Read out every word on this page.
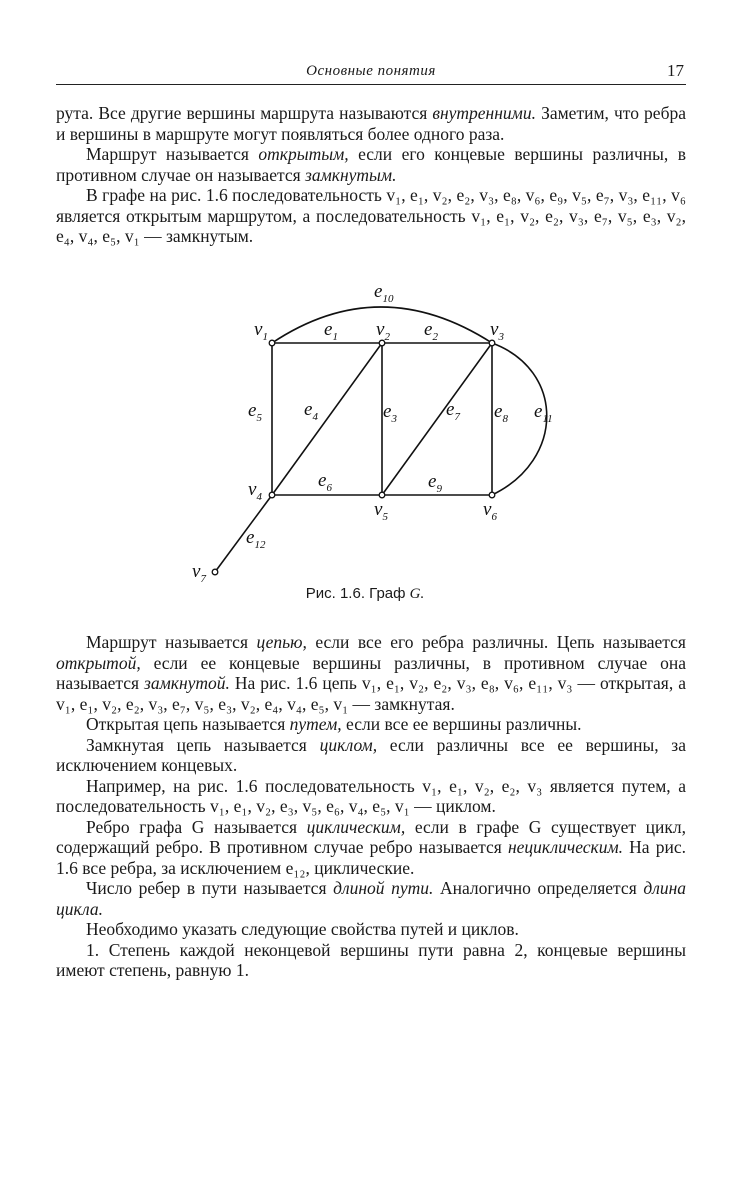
Основные понятия	17

рута. Все другие вершины маршрута называются внутренними. Заметим, что ребра и вершины в маршруте могут появляться более одного раза.

Маршрут называется открытым, если его концевые вершины различны, в противном случае он называется замкнутым.

В графе на рис. 1.6 последовательность v₁, e₁, v₂, e₂, v₃, e₈, v₆, e₉, v₅, e₇, v₃, e₁₁, v₆ является открытым маршрутом, а последовательность v₁, e₁, v₂, e₂, v₃, e₇, v₅, e₃, v₂, e₄, v₄, e₅, v₁ — замкнутым.

$v_1$	$v_2$	$v_3$
$v_4$
$v_5$	$v_6$
$v_7$
$e_1$	$e_2$
$e_3$
$e_4$
$e_5$
$e_6$
$e_7$ $e_8$
$e_9$
$e_{10}$
$e_{11}$
$e_{12}$
Рис. 1.6. Граф G.

Маршрут называется цепью, если все его ребра различны. Цепь называется открытой, если ее концевые вершины различны, в противном случае она называется замкнутой. На рис. 1.6 цепь v₁, e₁, v₂, e₂, v₃, e₈, v₆, e₁₁, v₃ — открытая, а v₁, e₁, v₂, e₂, v₃, e₇, v₅, e₃, v₂, e₄, v₄, e₅, v₁ — замкнутая.

Открытая цепь называется путем, если все ее вершины различны.

Замкнутая цепь называется циклом, если различны все ее вершины, за исключением концевых.

Например, на рис. 1.6 последовательность v₁, e₁, v₂, e₂, v₃ является путем, а последовательность v₁, e₁, v₂, e₃, v₅, e₆, v₄, e₅, v₁ — циклом.

Ребро графа G называется циклическим, если в графе G существует цикл, содержащий ребро. В противном случае ребро называется нециклическим. На рис. 1.6 все ребра, за исключением e₁₂, циклические.

Число ребер в пути называется длиной пути. Аналогично определяется длина цикла.

Необходимо указать следующие свойства путей и циклов.

1. Степень каждой неконцевой вершины пути равна 2, концевые вершины имеют степень, равную 1.
